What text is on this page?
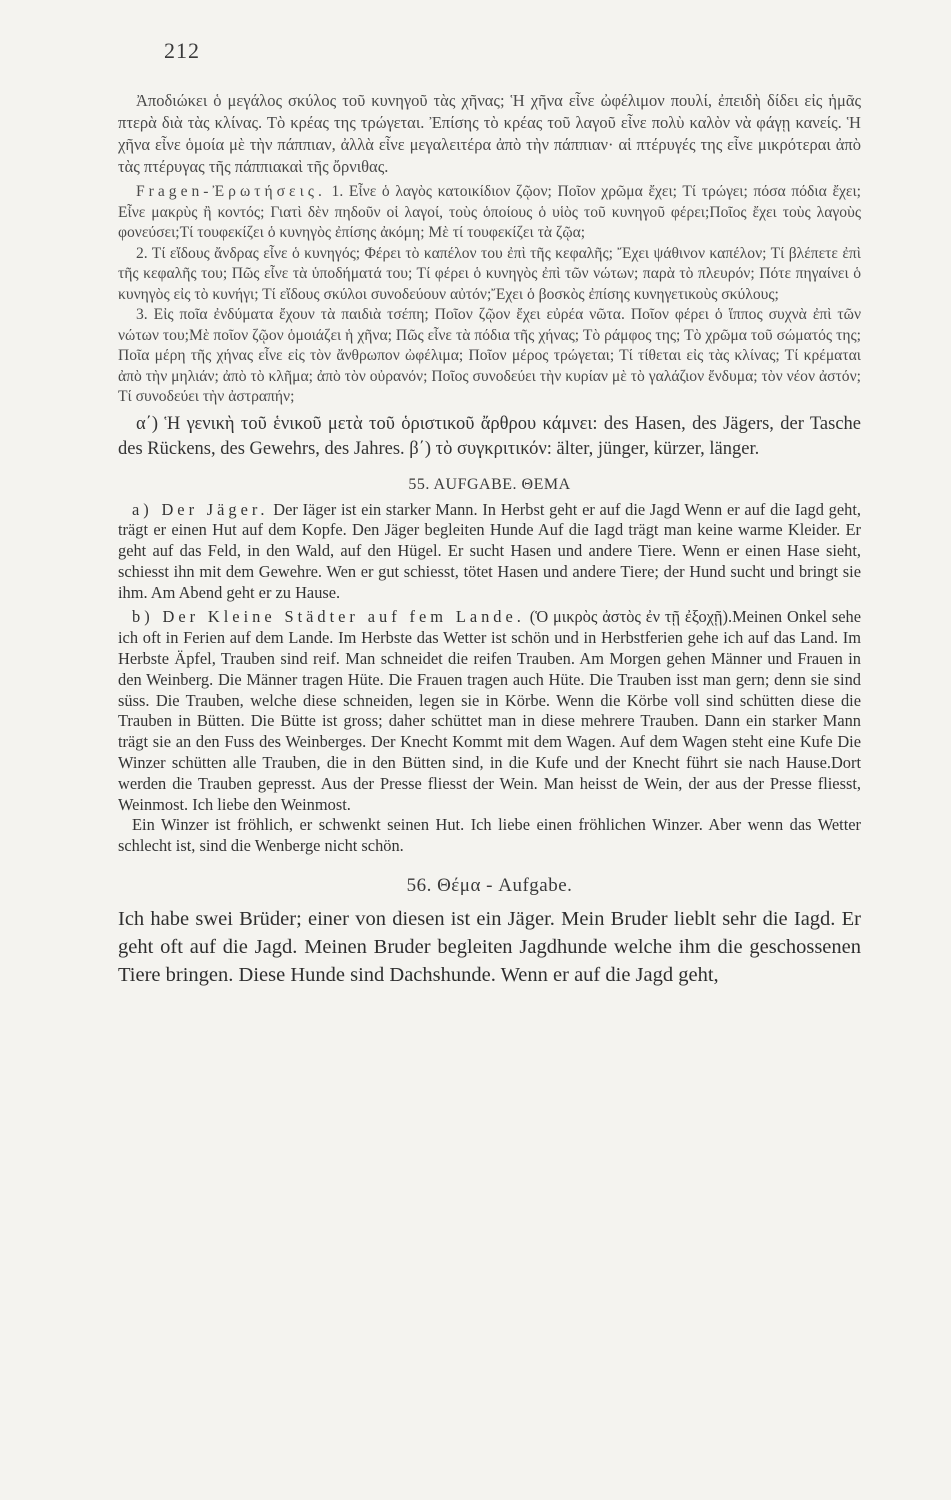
212

Ἀποδιώκει ὁ μεγάλος σκύλος τοῦ κυνηγοῦ τὰς χῆνας; Ἡ χῆνα εἶνε ὠφέλιμον πουλί, ἐπειδὴ δίδει εἰς ἡμᾶς πτερὰ διὰ τὰς κλίνας. Τὸ κρέας της τρώγεται. Ἐπίσης τὸ κρέας τοῦ λαγοῦ εἶνε πολὺ καλὸν νὰ φάγῃ κανείς. Ἡ χῆνα εἶνε ὁμοία μὲ τὴν πάππιαν, ἀλλὰ εἶνε μεγαλειτέρα ἀπὸ τὴν πάππιαν· αἱ πτέρυγές της εἶνε μικρότεραι ἀπὸ τὰς πτέρυγας τῆς πάππιακαὶ τῆς ὄρνιθας.

Fragen-Ἐρωτήσεις. 1. Εἶνε ὁ λαγὸς κατοικίδιον ζῷον; Ποῖον χρῶμα ἔχει; Τί τρώγει; πόσα πόδια ἔχει; Εἶνε μακρὺς ἢ κοντός; Γιατὶ δὲν πηδοῦν οἱ λαγοί, τοὺς ὁποίους ὁ υἱὸς τοῦ κυνηγοῦ φέρει;Ποῖος ἔχει τοὺς λαγοὺς φονεύσει;Τί τουφεκίζει ὁ κυνηγὸς ἐπίσης ἀκόμη; Μὲ τί τουφεκίζει τὰ ζῷα;

2. Τί εἴδους ἄνδρας εἶνε ὁ κυνηγός; Φέρει τὸ καπέλον του ἐπὶ τῆς κεφαλῆς; Ἔχει ψάθινον καπέλον; Τί βλέπετε ἐπὶ τῆς κεφαλῆς του; Πῶς εἶνε τὰ ὑποδήματά του; Τί φέρει ὁ κυνηγὸς ἐπὶ τῶν νώτων; παρὰ τὸ πλευρόν; Πότε πηγαίνει ὁ κυνηγὸς εἰς τὸ κυνήγι; Τί εἴδους σκύλοι συνοδεύουν αὐτόν;Ἔχει ὁ βοσκὸς ἐπίσης κυνηγετικοὺς σκύλους;

3. Εἰς ποῖα ἐνδύματα ἔχουν τὰ παιδιὰ τσέπη; Ποῖον ζῷον ἔχει εὐρέα νῶτα. Ποῖον φέρει ὁ ἵππος συχνὰ ἐπὶ τῶν νώτων του;Μὲ ποῖον ζῷον ὁμοιάζει ἡ χῆνα; Πῶς εἶνε τὰ πόδια τῆς χήνας; Τὸ ράμφος της; Τὸ χρῶμα τοῦ σώματός της; Ποῖα μέρη τῆς χήνας εἶνε εἰς τὸν ἄνθρωπον ὠφέλιμα; Ποῖον μέρος τρώγεται; Τί τίθεται εἰς τὰς κλίνας; Τί κρέμαται ἀπὸ τὴν μηλιάν; ἀπὸ τὸ κλῆμα; ἀπὸ τὸν οὐρανόν; Ποῖος συνοδεύει τὴν κυρίαν μὲ τὸ γαλάζιον ἔνδυμα; τὸν νέον ἀστόν; Τί συνοδεύει τὴν ἀστραπήν;

α΄) Ἡ γενικὴ τοῦ ἑνικοῦ μετὰ τοῦ ὁριστικοῦ ἄρθρου κάμνει: des Hasen, des Jägers, der Tasche des Rückens, des Gewehrs, des Jahres. β΄) τὸ συγκριτικόν: älter, jünger, kürzer, länger.

55. AUFGABE. ΘΕΜΑ

a) Der Jäger. Der Iäger ist ein starker Mann. In Herbst geht er auf die Jagd Wenn er auf die Iagd geht, trägt er einen Hut auf dem Kopfe. Den Jäger begleiten Hunde Auf die Iagd trägt man keine warme Kleider. Er geht auf das Feld, in den Wald, auf den Hügel. Er sucht Hasen und andere Tiere. Wenn er einen Hase sieht, schiesst ihn mit dem Gewehre. Wen er gut schiesst, tötet Hasen und andere Tiere; der Hund sucht und bringt sie ihm. Am Abend geht er zu Hause.

b) Der Kleine Städter auf fem Lande. (Ὁ μικρὸς ἀστὸς ἐν τῇ ἐξοχῇ).Meinen Onkel sehe ich oft in Ferien auf dem Lande. Im Herbste das Wetter ist schön und in Herbstferien gehe ich auf das Land. Im Herbste Äpfel, Trauben sind reif. Man schneidet die reifen Trauben. Am Morgen gehen Männer und Frauen in den Weinberg. Die Männer tragen Hüte. Die Frauen tragen auch Hüte. Die Trauben isst man gern; denn sie sind süss. Die Trauben, welche diese schneiden, legen sie in Körbe. Wenn die Körbe voll sind schütten diese die Trauben in Bütten. Die Bütte ist gross; daher schüttet man in diese mehrere Trauben. Dann ein starker Mann trägt sie an den Fuss des Weinberges. Der Knecht Kommt mit dem Wagen. Auf dem Wagen steht eine Kufe Die Winzer schütten alle Trauben, die in den Bütten sind, in die Kufe und der Knecht führt sie nach Hause.Dort werden die Trauben gepresst. Aus der Presse fliesst der Wein. Man heisst de Wein, der aus der Presse fliesst, Weinmost. Ich liebe den Weinmost.

Ein Winzer ist fröhlich, er schwenkt seinen Hut. Ich liebe einen fröhlichen Winzer. Aber wenn das Wetter schlecht ist, sind die Wenberge nicht schön.

56. Θέμα - Aufgabe.

Ich habe swei Brüder; einer von diesen ist ein Jäger. Mein Bruder lieblt sehr die Iagd. Er geht oft auf die Jagd. Meinen Bruder begleiten Jagdhunde welche ihm die geschossenen Tiere bringen. Diese Hunde sind Dachshunde. Wenn er auf die Jagd geht,
